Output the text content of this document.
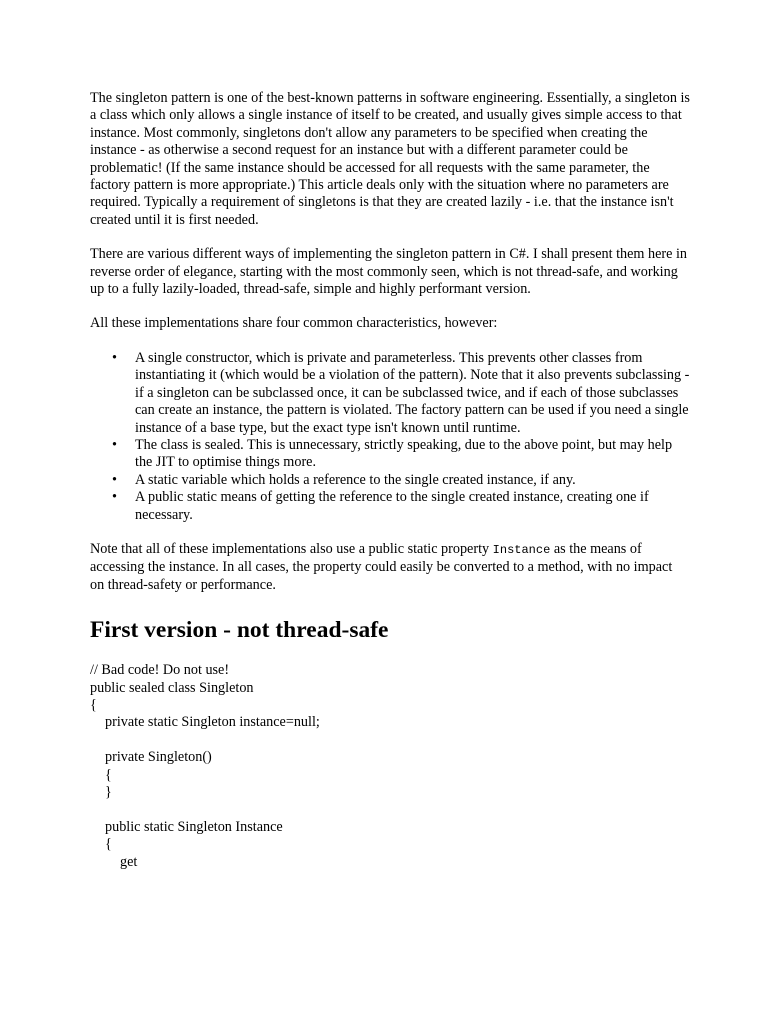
The singleton pattern is one of the best-known patterns in software engineering. Essentially, a singleton is a class which only allows a single instance of itself to be created, and usually gives simple access to that instance. Most commonly, singletons don't allow any parameters to be specified when creating the instance - as otherwise a second request for an instance but with a different parameter could be problematic! (If the same instance should be accessed for all requests with the same parameter, the factory pattern is more appropriate.) This article deals only with the situation where no parameters are required. Typically a requirement of singletons is that they are created lazily - i.e. that the instance isn't created until it is first needed.

There are various different ways of implementing the singleton pattern in C#. I shall present them here in reverse order of elegance, starting with the most commonly seen, which is not thread-safe, and working up to a fully lazily-loaded, thread-safe, simple and highly performant version.

All these implementations share four common characteristics, however:

• A single constructor, which is private and parameterless. This prevents other classes from instantiating it (which would be a violation of the pattern). Note that it also prevents subclassing - if a singleton can be subclassed once, it can be subclassed twice, and if each of those subclasses can create an instance, the pattern is violated. The factory pattern can be used if you need a single instance of a base type, but the exact type isn't known until runtime.
• The class is sealed. This is unnecessary, strictly speaking, due to the above point, but may help the JIT to optimise things more.
• A static variable which holds a reference to the single created instance, if any.
• A public static means of getting the reference to the single created instance, creating one if necessary.

Note that all of these implementations also use a public static property Instance as the means of accessing the instance. In all cases, the property could easily be converted to a method, with no impact on thread-safety or performance.

First version - not thread-safe
// Bad code! Do not use!
public sealed class Singleton
{
private static Singleton instance=null;
private Singleton()
{
}
public static Singleton Instance
{
get
